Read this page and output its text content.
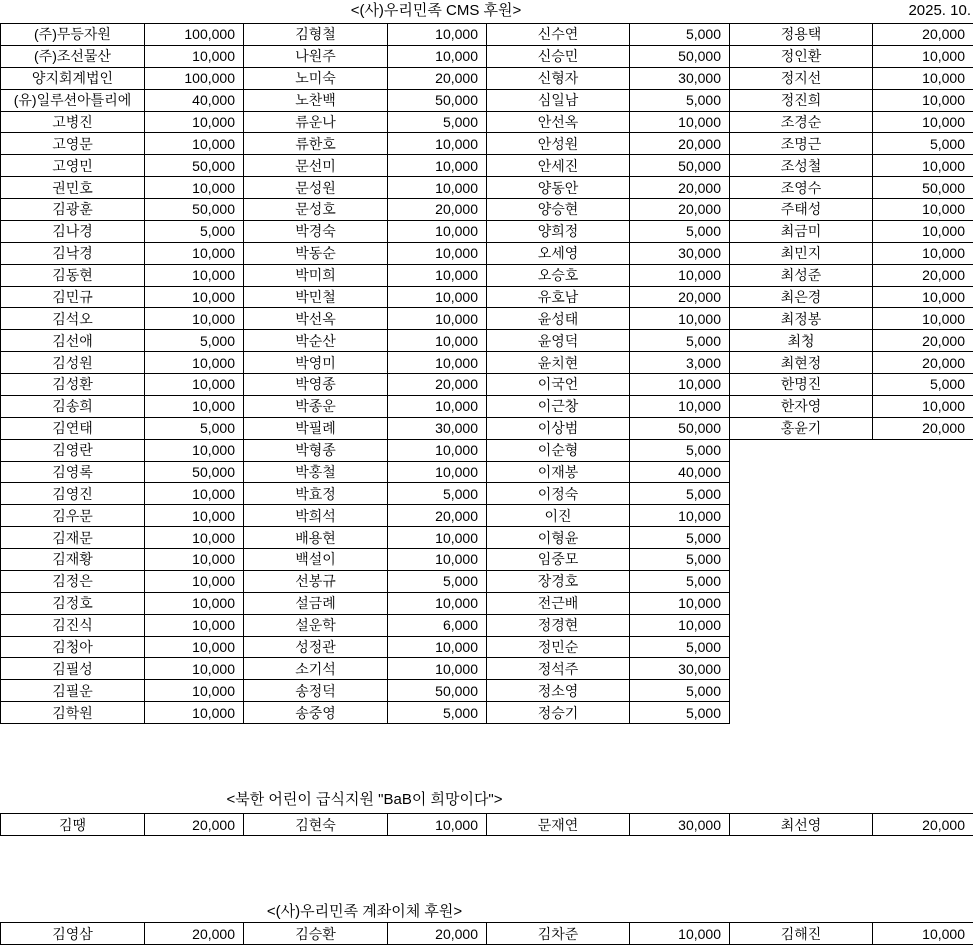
<(사)우리민족 CMS 후원>	2025. 10.
(주)무등자원	100,000	김형철	10,000	신수연	5,000	정용택	20,000
(주)조선물산	10,000	나원주	10,000	신승민	50,000	정인환	10,000
양지회계법인	100,000	노미숙	20,000	신형자	30,000	정지선	10,000
(유)일루션아틀리에	40,000	노찬백	50,000	심일남	5,000	정진희	10,000
고병진	10,000	류운나	5,000	안선옥	10,000	조경순	10,000
고영문	10,000	류한호	10,000	안성원	20,000	조명근	5,000
고영민	50,000	문선미	10,000	안세진	50,000	조성철	10,000
권민호	10,000	문성원	10,000	양동안	20,000	조영수	50,000
김광훈	50,000	문성호	20,000	양승현	20,000	주태성	10,000
김나경	5,000	박경숙	10,000	양희정	5,000	최금미	10,000
김낙경	10,000	박동순	10,000	오세영	30,000	최민지	10,000
김동현	10,000	박미희	10,000	오승호	10,000	최성준	20,000
김민규	10,000	박민철	10,000	유호남	20,000	최은경	10,000
김석오	10,000	박선옥	10,000	윤성태	10,000	최정봉	10,000
김선애	5,000	박순산	10,000	윤영덕	5,000	최청	20,000
김성원	10,000	박영미	10,000	윤치현	3,000	최현정	20,000
김성환	10,000	박영종	20,000	이국언	10,000	한명진	5,000
김송희	10,000	박종운	10,000	이근창	10,000	한자영	10,000
김연태	5,000	박필례	30,000	이상범	50,000	홍윤기	20,000
김영란	10,000	박형종	10,000	이순형	5,000		
김영록	50,000	박홍철	10,000	이재봉	40,000		
김영진	10,000	박효정	5,000	이정숙	5,000		
김우문	10,000	박희석	20,000	이진	10,000		
김재문	10,000	배용현	10,000	이형윤	5,000		
김재황	10,000	백설이	10,000	임중모	5,000		
김정은	10,000	선봉규	5,000	장경호	5,000		
김정호	10,000	설금례	10,000	전근배	10,000		
김진식	10,000	설운학	6,000	정경현	10,000		
김청아	10,000	성정관	10,000	정민순	5,000		
김필성	10,000	소기석	10,000	정석주	30,000		
김필운	10,000	송정덕	50,000	정소영	5,000		
김학원	10,000	송중영	5,000	정승기	5,000		
<북한 어린이 급식지원 "BaB이 희망이다">
김땡	20,000	김현숙	10,000	문재연	30,000	최선영	20,000
<(사)우리민족 계좌이체 후원>
김영삼	20,000	김승환	20,000	김차준	10,000	김해진	10,000
